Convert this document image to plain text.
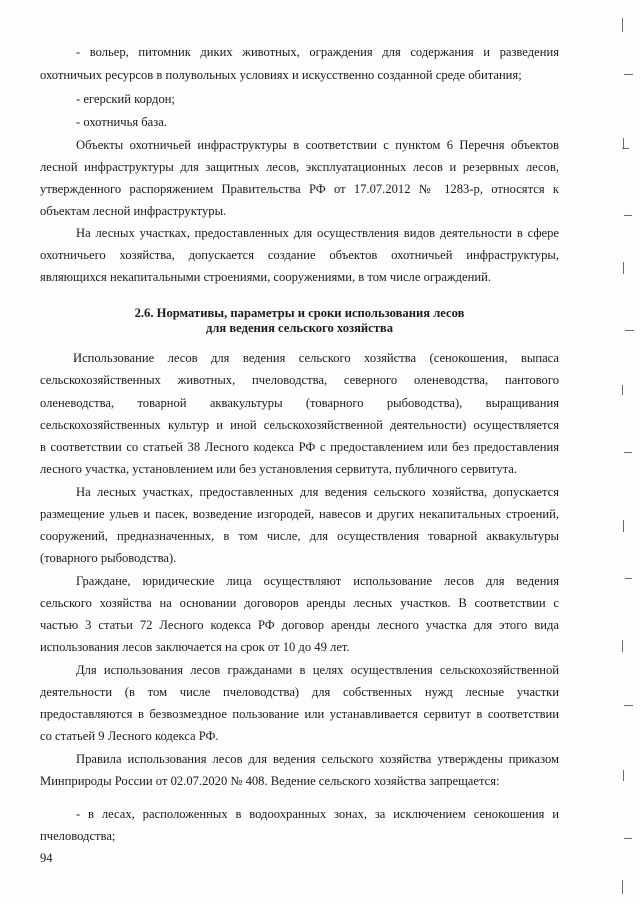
- вольер, питомник диких животных, ограждения для содержания и разведения
охотничьих ресурсов в полувольных условиях и искусственно созданной среде обитания;
- егерский кордон;
- охотничья база.
Объекты охотничьей инфраструктуры в соответствии с пунктом 6 Перечня объектов
лесной инфраструктуры для защитных лесов, эксплуатационных лесов и резервных лесов,
утвержденного распоряжением Правительства РФ от 17.07.2012 № 1283-р, относятся к
объектам лесной инфраструктуры.
На лесных участках, предоставленных для осуществления видов деятельности в сфере
охотничьего хозяйства, допускается создание объектов охотничьей инфраструктуры,
являющихся некапитальными строениями, сооружениями, в том числе ограждений.
2.6. Нормативы, параметры и сроки использования лесов
для ведения сельского хозяйства
Использование лесов для ведения сельского хозяйства (сенокошения, выпаса
сельскохозяйственных животных, пчеловодства, северного оленеводства, пантового
оленеводства, товарной аквакультуры (товарного рыбоводства), выращивания
сельскохозяйственных культур и иной сельскохозяйственной деятельности) осуществляется
в соответствии со статьей 38 Лесного кодекса РФ с предоставлением или без предоставления
лесного участка, установлением или без установления сервитута, публичного сервитута.
На лесных участках, предоставленных для ведения сельского хозяйства, допускается
размещение ульев и пасек, возведение изгородей, навесов и других некапитальных строений,
сооружений, предназначенных, в том числе, для осуществления товарной аквакультуры
(товарного рыбоводства).
Граждане, юридические лица осуществляют использование лесов для ведения
сельского хозяйства на основании договоров аренды лесных участков. В соответствии с
частью 3 статьи 72 Лесного кодекса РФ договор аренды лесного участка для этого вида
использования лесов заключается на срок от 10 до 49 лет.
Для использования лесов гражданами в целях осуществления сельскохозяйственной
деятельности (в том числе пчеловодства) для собственных нужд лесные участки
предоставляются в безвозмездное пользование или устанавливается сервитут в соответствии
со статьей 9 Лесного кодекса РФ.
Правила использования лесов для ведения сельского хозяйства утверждены приказом
Минприроды России от 02.07.2020 № 408. Ведение сельского хозяйства запрещается:
- в лесах, расположенных в водоохранных зонах, за исключением сенокошения и
пчеловодства;
94
